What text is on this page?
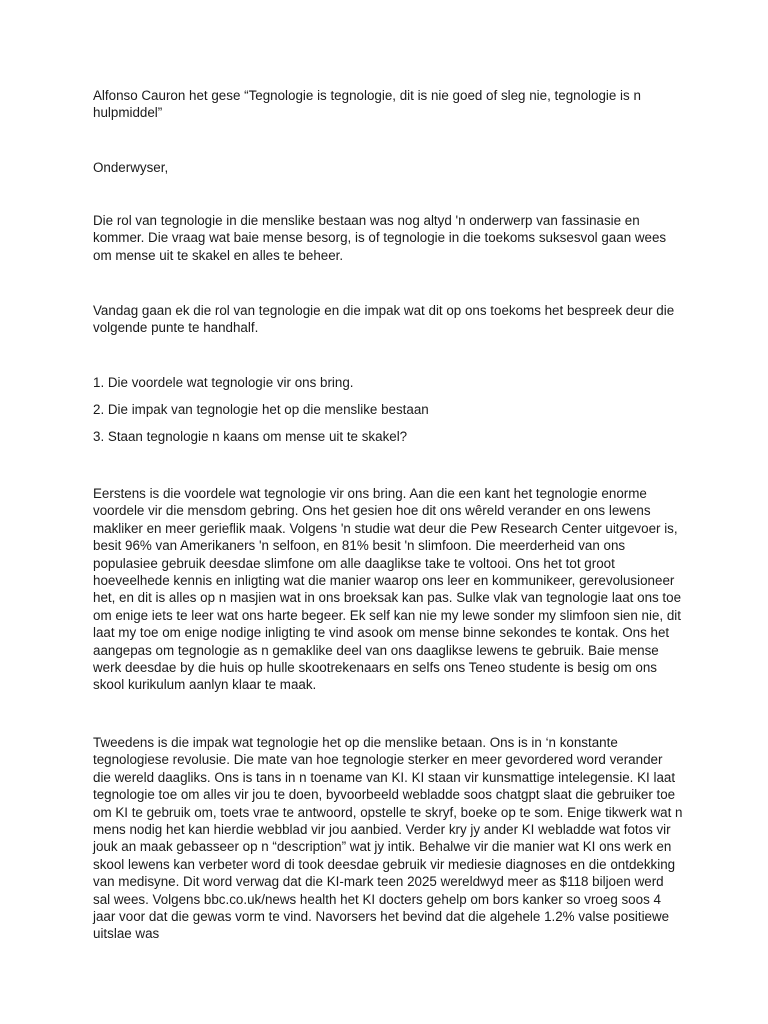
Alfonso Cauron het gese “Tegnologie is tegnologie, dit is nie goed of sleg nie, tegnologie is n hulpmiddel”

Onderwyser,

Die rol van tegnologie in die menslike bestaan was nog altyd 'n onderwerp van fassinasie en kommer. Die vraag wat baie mense besorg, is of tegnologie in die toekoms suksesvol gaan wees om mense uit te skakel en alles te beheer.

Vandag gaan ek die rol van tegnologie en die impak wat dit op ons toekoms het bespreek deur die volgende punte te handhalf.

1. Die voordele wat tegnologie vir ons bring.
2. Die impak van tegnologie het op die menslike bestaan
3. Staan tegnologie n kaans om mense uit te skakel?

Eerstens is die voordele wat tegnologie vir ons bring. Aan die een kant het tegnologie enorme voordele vir die mensdom gebring. Ons het gesien hoe dit ons wêreld verander en ons lewens makliker en meer gerieflik maak. Volgens 'n studie wat deur die Pew Research Center uitgevoer is, besit 96% van Amerikaners 'n selfoon, en 81% besit 'n slimfoon. Die meerderheid van ons populasiee gebruik deesdae slimfone om alle daaglikse take te voltooi. Ons het tot groot hoeveelhede kennis en inligting wat die manier waarop ons leer en kommunikeer, gerevolusioneer het, en dit is alles op n masjien wat in ons broeksak kan pas. Sulke vlak van tegnologie laat ons toe om enige iets te leer wat ons harte begeer. Ek self kan nie my lewe sonder my slimfoon sien nie, dit laat my toe om enige nodige inligting te vind asook om mense binne sekondes te kontak. Ons het aangepas om tegnologie as n gemaklike deel van ons daaglikse lewens te gebruik. Baie mense werk deesdae by die huis op hulle skootrekenaars en selfs ons Teneo studente is besig om ons skool kurikulum aanlyn klaar te maak.

Tweedens is die impak wat tegnologie het op die menslike betaan. Ons is in ‘n konstante tegnologiese revolusie. Die mate van hoe tegnologie sterker en meer gevordered word verander die wereld daagliks. Ons is tans in n toename van KI. KI staan vir kunsmattige intelegensie. KI laat tegnologie toe om alles vir jou te doen, byvoorbeeld webladde soos chatgpt slaat die gebruiker toe om KI te gebruik om, toets vrae te antwoord, opstelle te skryf, boeke op te som. Enige tikwerk wat n mens nodig het kan hierdie webblad vir jou aanbied. Verder kry jy ander KI webladde wat fotos vir jouk an maak gebasseer op n “description” wat jy intik. Behalwe vir die manier wat KI ons werk en skool lewens kan verbeter word di took deesdae gebruik vir mediesie diagnoses en die ontdekking van medisyne. Dit word verwag dat die KI-mark teen 2025 wereldwyd meer as $118 biljoen werd sal wees. Volgens bbc.co.uk/news health het KI docters gehelp om bors kanker so vroeg soos 4 jaar voor dat die gewas vorm te vind. Navorsers het bevind dat die algehele 1.2% valse positiewe uitslae was
